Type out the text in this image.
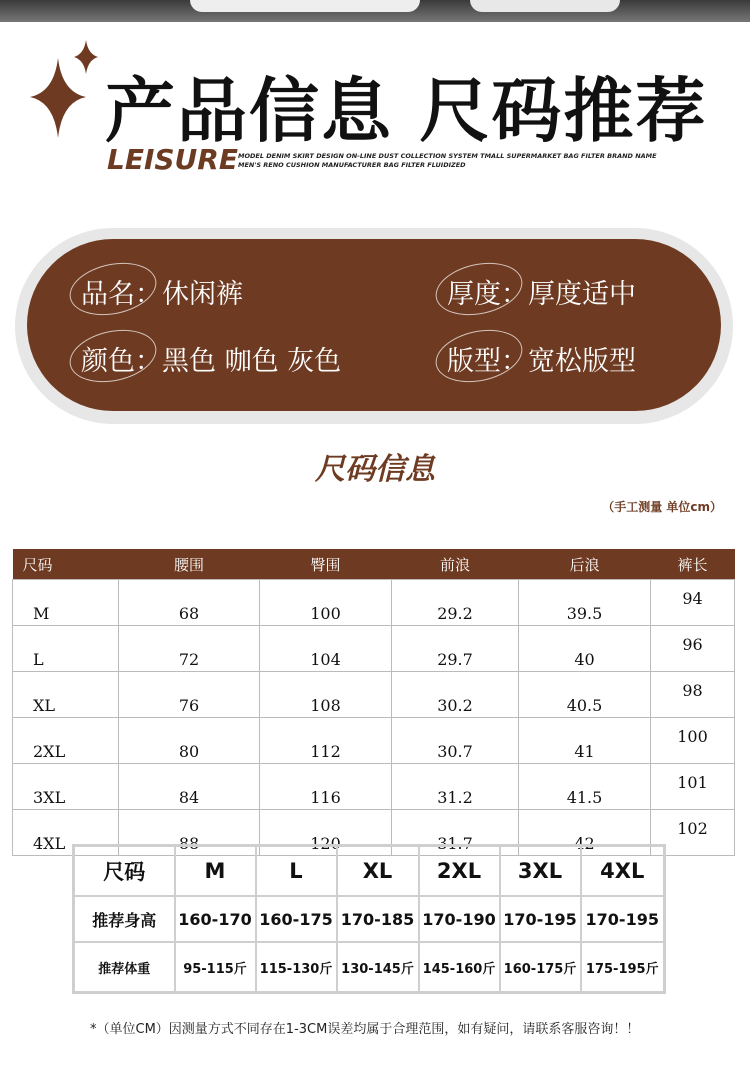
产品信息 尺码推荐
LEISURE MODEL DENIM SKIRT DESIGN ON-LINE DUST COLLECTION SYSTEM TMALL SUPERMARKET BAG FILTER BRAND NAME
MEN'S RENO CUSHION MANUFACTURER BAG FILTER FLUIDIZED
品名：休闲裤	厚度：厚度适中
颜色：黑色 咖色 灰色	版型：宽松版型
尺码信息
（手工测量 单位cm）
尺码	腰围	臀围	前浪	后浪	裤长
M	68	100	29.2	39.5	94
L	72	104	29.7	40	96
XL	76	108	30.2	40.5	98
2XL	80	112	30.7	41	100
3XL	84	116	31.2	41.5	101
4XL	88	120	31.7	42	102
尺码	M	L	XL	2XL	3XL	4XL
推荐身高	160-170	160-175	170-185	170-190	170-195	170-195
推荐体重	95-115斤	115-130斤	130-145斤	145-160斤	160-175斤	175-195斤
*（单位CM）因测量方式不同存在1-3CM误差均属于合理范围，如有疑问，请联系客服咨询！！
